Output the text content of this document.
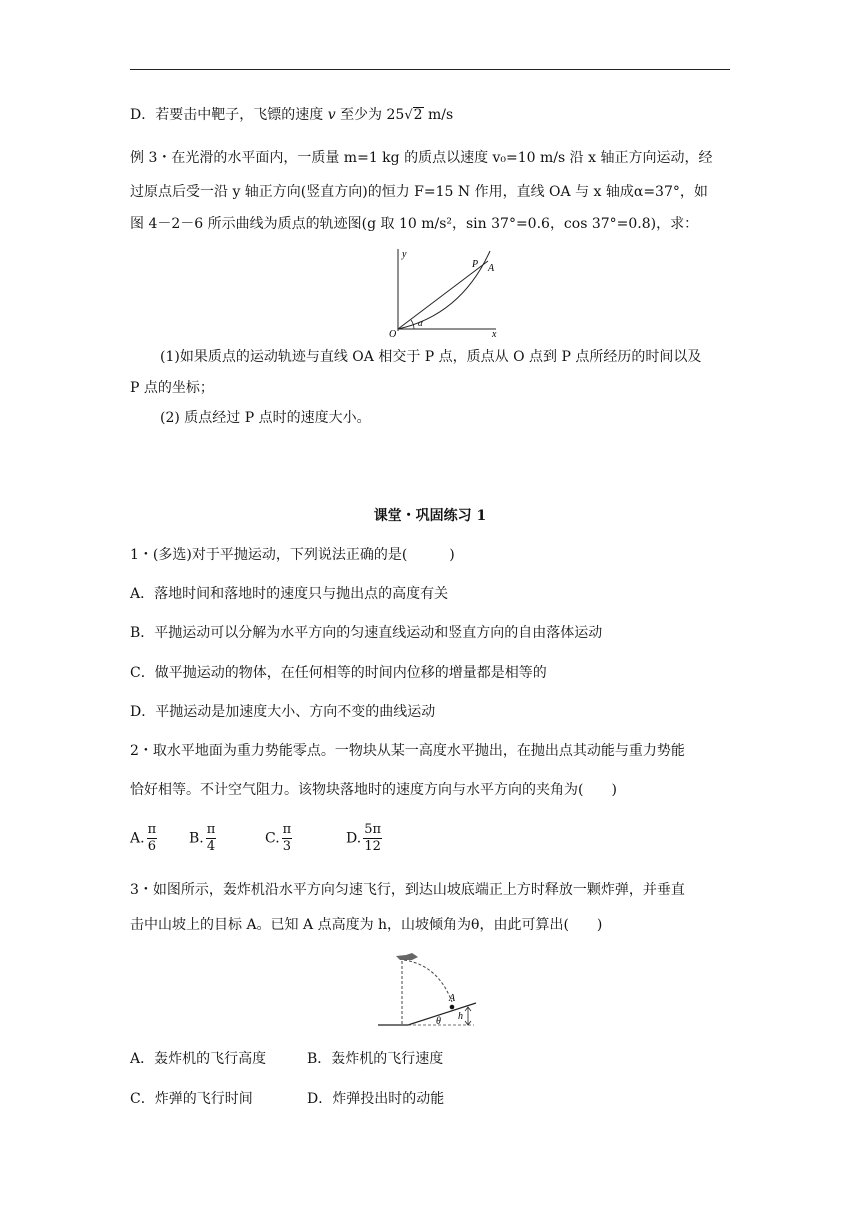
D．若要击中靶子，飞镖的速度 v 至少为 25√2 m/s
例 3・在光滑的水平面内，一质量 m=1 kg 的质点以速度 v₀=10 m/s 沿 x 轴正方向运动，经
过原点后受一沿 y 轴正方向(竖直方向)的恒力 F=15 N 作用，直线 OA 与 x 轴成α=37°，如
图 4－2－6 所示曲线为质点的轨迹图(g 取 10 m/s²，sin 37°=0.6，cos 37°=0.8)，求：
y
x
O
P A
α
(1)如果质点的运动轨迹与直线 OA 相交于 P 点，质点从 O 点到 P 点所经历的时间以及
P 点的坐标；
(2) 质点经过 P 点时的速度大小。
课堂・巩固练习 1
1・(多选)对于平抛运动，下列说法正确的是(　　　)
A．落地时间和落地时的速度只与抛出点的高度有关
B．平抛运动可以分解为水平方向的匀速直线运动和竖直方向的自由落体运动
C．做平抛运动的物体，在任何相等的时间内位移的增量都是相等的
D．平抛运动是加速度大小、方向不变的曲线运动
2・取水平地面为重力势能零点。一物块从某一高度水平抛出，在抛出点其动能与重力势能
恰好相等。不计空气阻力。该物块落地时的速度方向与水平方向的夹角为(　　)
A. $\frac{\pi}{6} B$. $\frac{\pi}{4}$	C. $\frac{\pi}{3}$	D. $\frac{5\pi}{12}$
3・如图所示，轰炸机沿水平方向匀速飞行，到达山坡底端正上方时释放一颗炸弹，并垂直
击中山坡上的目标 A。已知 A 点高度为 h，山坡倾角为θ，由此可算出(　　)
A
h
θ
A．轰炸机的飞行高度	B．轰炸机的飞行速度
C．炸弹的飞行时间	D．炸弹投出时的动能
